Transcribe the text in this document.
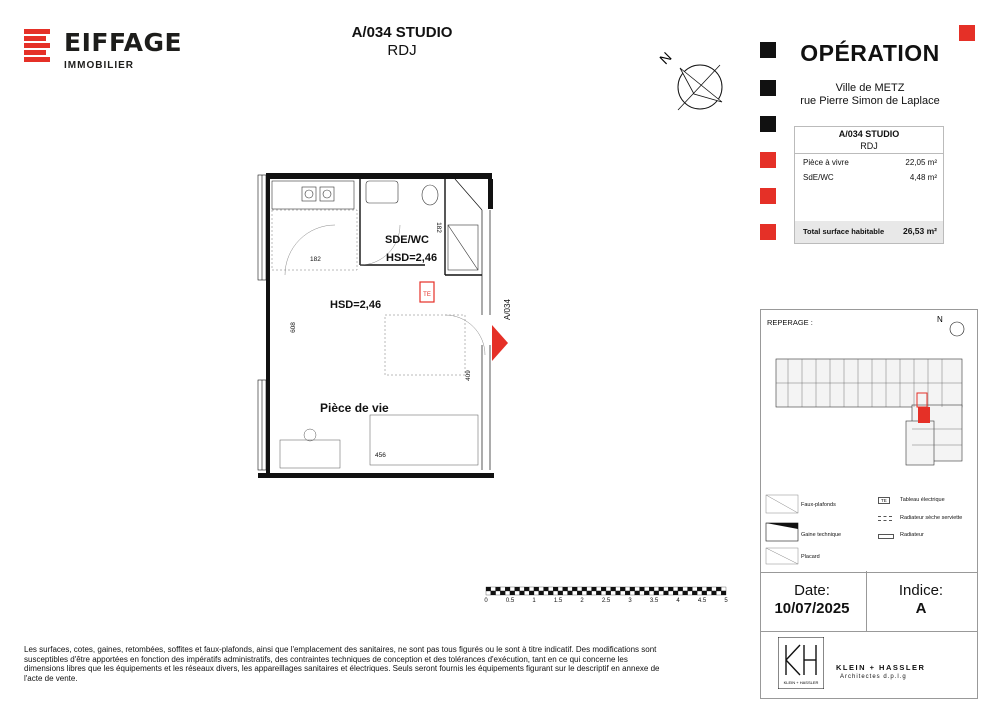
EIFFAGE
IMMOBILIER
A/034 STUDIO
RDJ	N
TE
SDE/WC
HSD=2,46
HSD=2,46
Pièce de vie
A/034
182
182
608
409
456
0	0.5	1	1.5	2	2.5	3	3.5	4	4.5	5
OPÉRATION
Ville de METZ
rue Pierre Simon de Laplace
A/034 STUDIO
RDJ
Pièce à vivre	22,05 m²
SdE/WC	4,48 m²
Total surface habitable 26,53 m²
REPERAGE :	N
Faux-plafonds
Gaine technique
Placard
TE	Tableau électrique
Radiateur sèche serviette
Radiateur
Date:
10/07/2025
Indice:
A
KLEIN + HASSLER
KLEIN + HASSLER
Architectes d.p.l.g
Les surfaces, cotes, gaines, retombées, soffites et faux-plafonds, ainsi que l'emplacement des sanitaires, ne sont pas tous figurés ou le sont à titre indicatif. Des modifications sont susceptibles d'être apportées en fonction des impératifs administratifs, des contraintes techniques de conception et des tolérances d'exécution, tant en ce qui concerne les dimensions libres que les équipements et les réseaux divers, les appareillages sanitaires et électriques. Seuls seront fournis les équipements figurant sur le descriptif en annexe de l'acte de vente.
